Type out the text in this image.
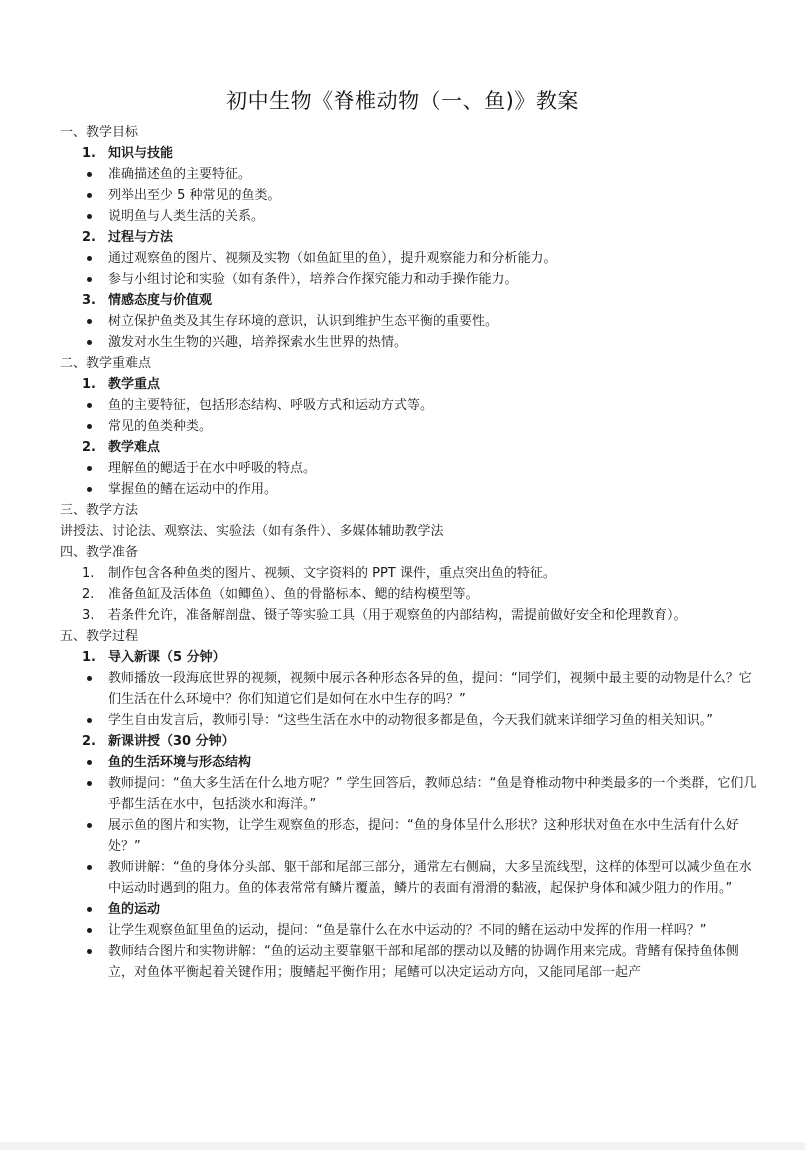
初中生物《脊椎动物（一、鱼)》教案
一、教学目标
1. 知识与技能
准确描述鱼的主要特征。
列举出至少 5 种常见的鱼类。
说明鱼与人类生活的关系。
2. 过程与方法
通过观察鱼的图片、视频及实物（如鱼缸里的鱼），提升观察能力和分析能力。
参与小组讨论和实验（如有条件），培养合作探究能力和动手操作能力。
3. 情感态度与价值观
树立保护鱼类及其生存环境的意识，认识到维护生态平衡的重要性。
激发对水生生物的兴趣，培养探索水生世界的热情。
二、教学重难点
1. 教学重点
鱼的主要特征，包括形态结构、呼吸方式和运动方式等。
常见的鱼类种类。
2. 教学难点
理解鱼的鳃适于在水中呼吸的特点。
掌握鱼的鳍在运动中的作用。
三、教学方法
讲授法、讨论法、观察法、实验法（如有条件）、多媒体辅助教学法
四、教学准备
1. 制作包含各种鱼类的图片、视频、文字资料的 PPT 课件，重点突出鱼的特征。
2. 准备鱼缸及活体鱼（如鲫鱼）、鱼的骨骼标本、鳃的结构模型等。
3. 若条件允许，准备解剖盘、镊子等实验工具（用于观察鱼的内部结构，需提前做好安全和伦理教育）。
五、教学过程
1. 导入新课（5 分钟）
教师播放一段海底世界的视频，视频中展示各种形态各异的鱼，提问：“同学们，视频中最主要的动物是什么？它们生活在什么环境中？你们知道它们是如何在水中生存的吗？”
学生自由发言后，教师引导：“这些生活在水中的动物很多都是鱼，今天我们就来详细学习鱼的相关知识。”
2. 新课讲授（30 分钟）
鱼的生活环境与形态结构
教师提问：“鱼大多生活在什么地方呢？” 学生回答后，教师总结：“鱼是脊椎动物中种类最多的一个类群，它们几乎都生活在水中，包括淡水和海洋。”
展示鱼的图片和实物，让学生观察鱼的形态，提问：“鱼的身体呈什么形状？这种形状对鱼在水中生活有什么好处？”
教师讲解：“鱼的身体分头部、躯干部和尾部三部分，通常左右侧扁，大多呈流线型，这样的体型可以减少鱼在水中运动时遇到的阻力。鱼的体表常常有鳞片覆盖，鳞片的表面有滑滑的黏液，起保护身体和减少阻力的作用。”
鱼的运动
让学生观察鱼缸里鱼的运动，提问：“鱼是靠什么在水中运动的？不同的鳍在运动中发挥的作用一样吗？”
教师结合图片和实物讲解：“鱼的运动主要靠躯干部和尾部的摆动以及鳍的协调作用来完成。背鳍有保持鱼体侧立，对鱼体平衡起着关键作用；腹鳍起平衡作用；尾鳍可以决定运动方向，又能同尾部一起产
